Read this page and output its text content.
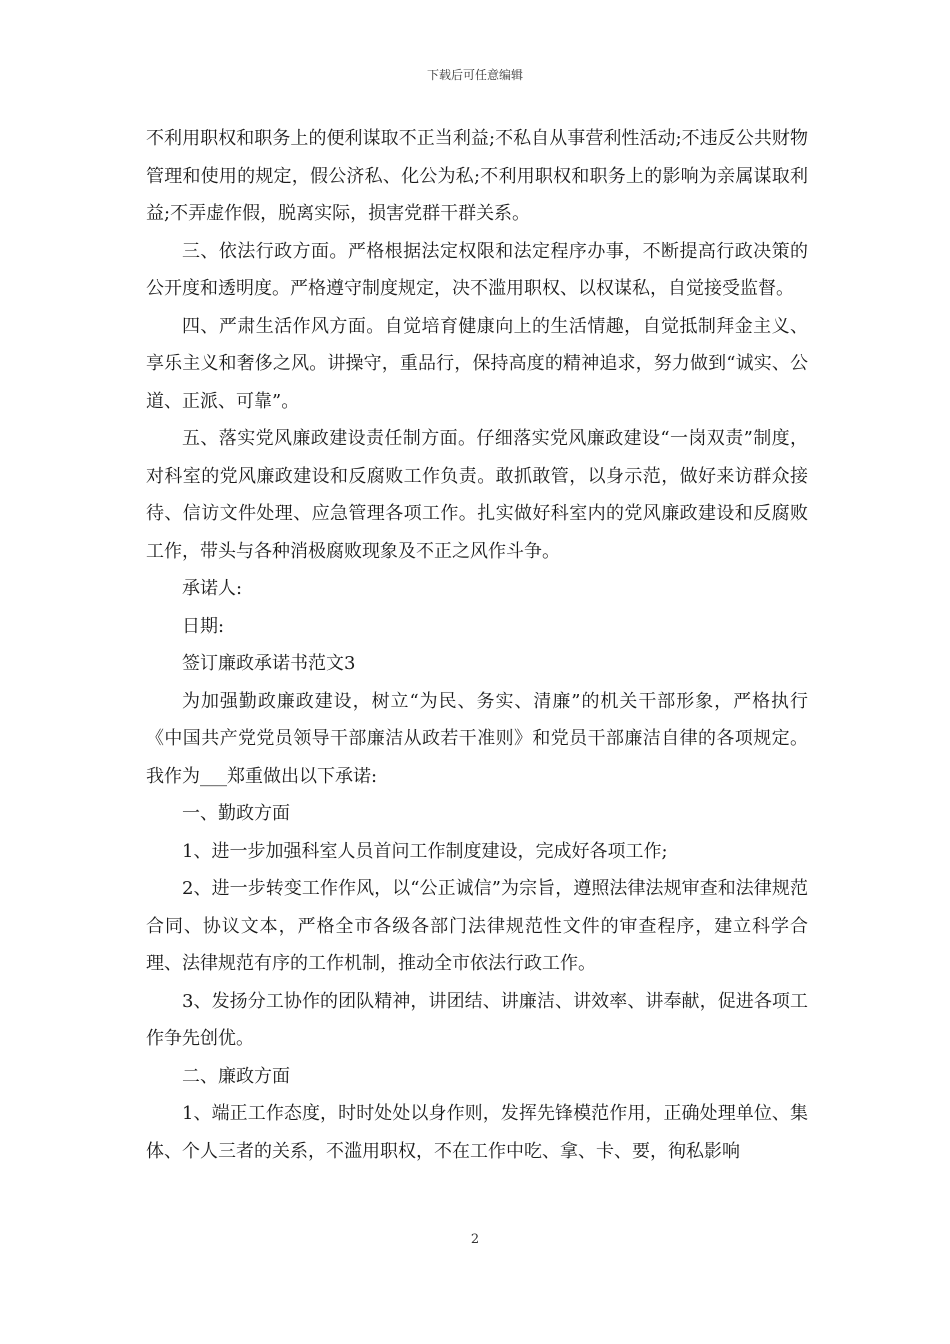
下载后可任意编辑

不利用职权和职务上的便利谋取不正当利益;不私自从事营利性活动;不违反公共财物管理和使用的规定，假公济私、化公为私;不利用职权和职务上的影响为亲属谋取利益;不弄虚作假，脱离实际，损害党群干群关系。

三、依法行政方面。严格根据法定权限和法定程序办事，不断提高行政决策的公开度和透明度。严格遵守制度规定，决不滥用职权、以权谋私，自觉接受监督。

四、严肃生活作风方面。自觉培育健康向上的生活情趣，自觉抵制拜金主义、享乐主义和奢侈之风。讲操守，重品行，保持高度的精神追求，努力做到“诚实、公道、正派、可靠”。

五、落实党风廉政建设责任制方面。仔细落实党风廉政建设“一岗双责”制度，对科室的党风廉政建设和反腐败工作负责。敢抓敢管，以身示范，做好来访群众接待、信访文件处理、应急管理各项工作。扎实做好科室内的党风廉政建设和反腐败工作，带头与各种消极腐败现象及不正之风作斗争。

承诺人:

日期:

签订廉政承诺书范文3

为加强勤政廉政建设，树立“为民、务实、清廉”的机关干部形象，严格执行《中国共产党党员领导干部廉洁从政若干准则》和党员干部廉洁自律的各项规定。我作为___郑重做出以下承诺:

一、勤政方面

1、进一步加强科室人员首问工作制度建设，完成好各项工作;

2、进一步转变工作作风，以“公正诚信”为宗旨，遵照法律法规审查和法律规范合同、协议文本，严格全市各级各部门法律规范性文件的审查程序，建立科学合理、法律规范有序的工作机制，推动全市依法行政工作。

3、发扬分工协作的团队精神，讲团结、讲廉洁、讲效率、讲奉献，促进各项工作争先创优。

二、廉政方面

1、端正工作态度，时时处处以身作则，发挥先锋模范作用，正确处理单位、集体、个人三者的关系，不滥用职权，不在工作中吃、拿、卡、要，徇私影响

2
